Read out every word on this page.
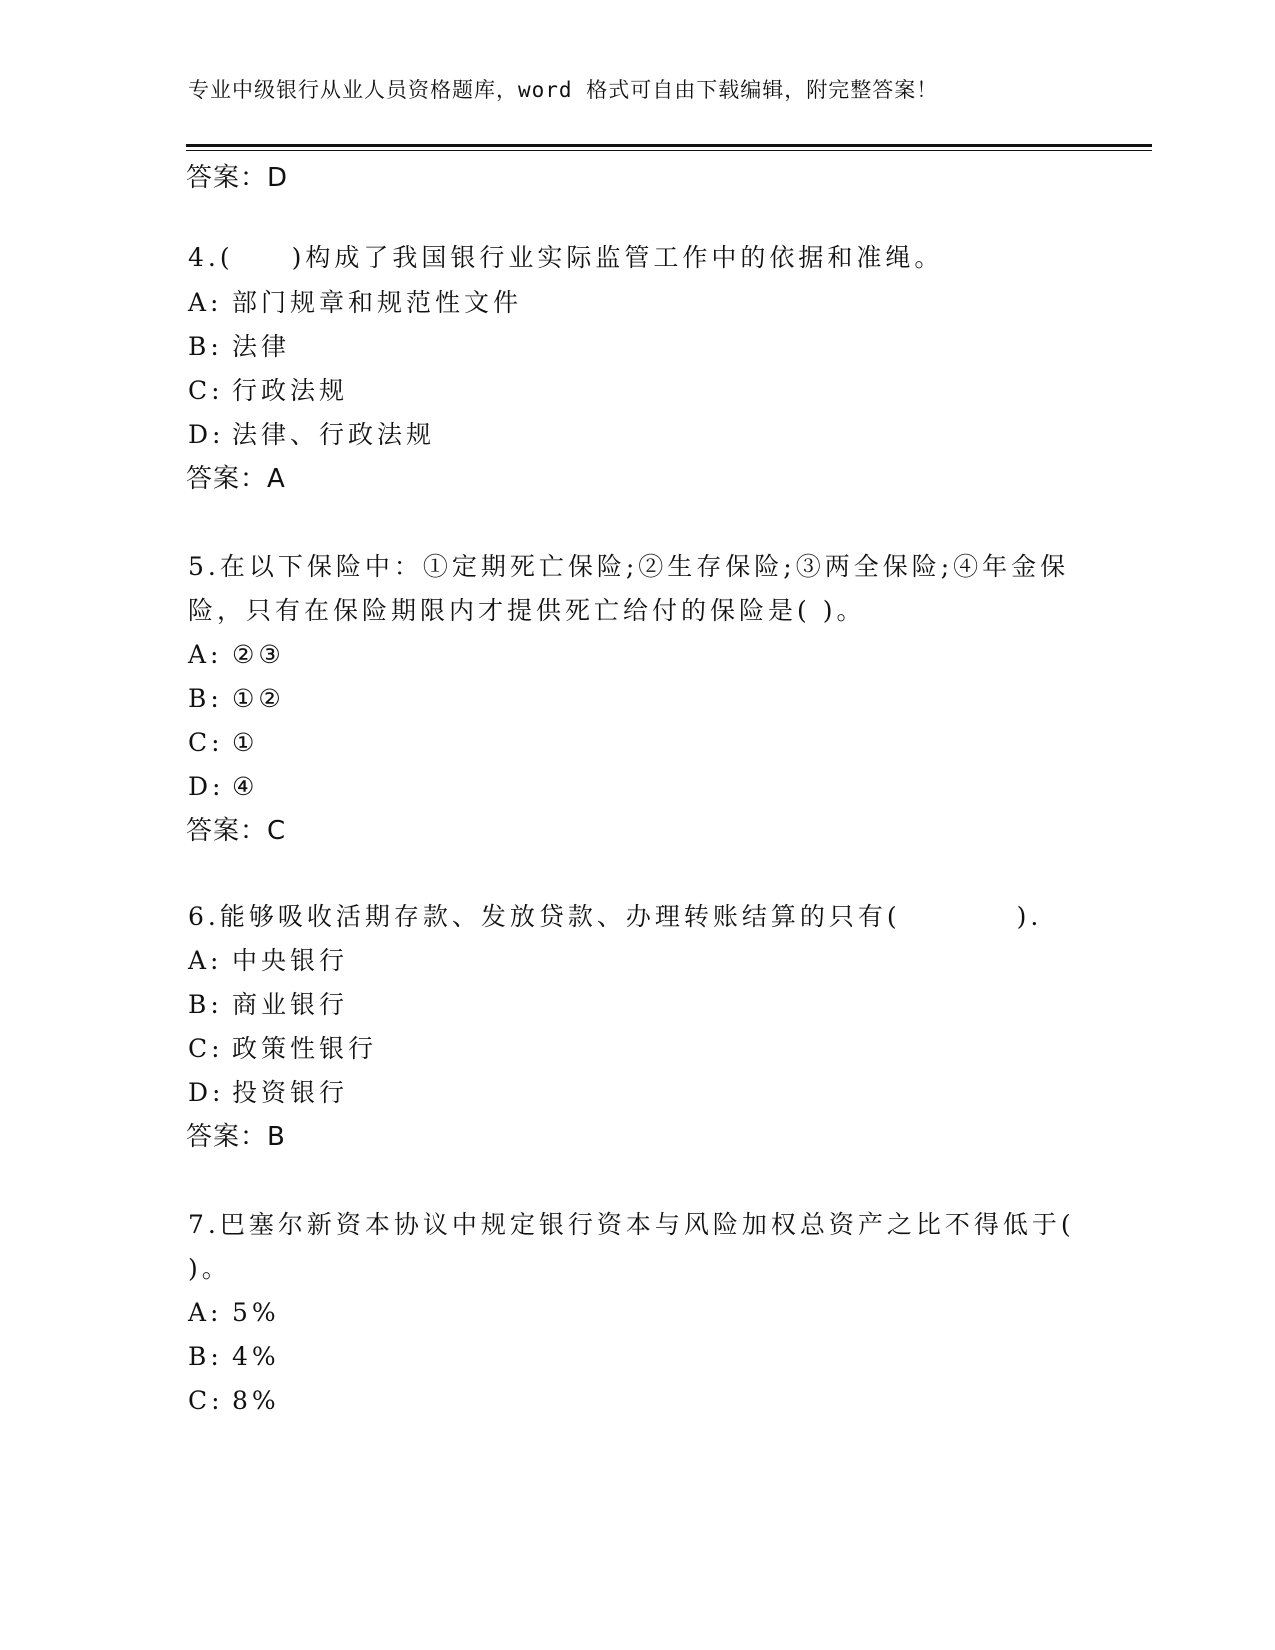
专业中级银行从业人员资格题库，word 格式可自由下载编辑，附完整答案！
答案：D
4.(　　)构成了我国银行业实际监管工作中的依据和准绳。
A: 部门规章和规范性文件
B: 法律
C: 行政法规
D: 法律、行政法规
答案：A
5.在以下保险中：①定期死亡保险;②生存保险;③两全保险;④年金保
险，只有在保险期限内才提供死亡给付的保险是( )。
A: ②③
B: ①②
C: ①
D: ④
答案：C
6.能够吸收活期存款、发放贷款、办理转账结算的只有(　　　　).
A: 中央银行
B: 商业银行
C: 政策性银行
D: 投资银行
答案：B
7.巴塞尔新资本协议中规定银行资本与风险加权总资产之比不得低于(
)。
A: 5%
B: 4%
C: 8%
